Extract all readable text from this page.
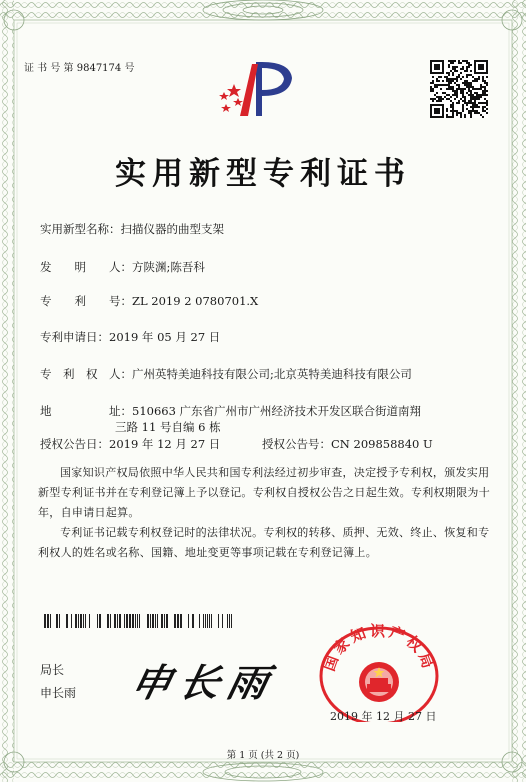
证 书 号 第 9847174 号
实用新型专利证书
实用新型名称：扫描仪器的曲型支架
发　　明　　人：方陕渊;陈吾科
专　　利　　号：ZL 2019 2 0780701.X
专利申请日：2019 年 05 月 27 日
专　利　权　人：广州英特美迪科技有限公司;北京英特美迪科技有限公司
地　　　　　址：510663 广东省广州市广州经济技术开发区联合街道南翔
三路 11 号自编 6 栋
授权公告日：2019 年 12 月 27 日	授权公告号：CN 209858840 U
国家知识产权局依照中华人民共和国专利法经过初步审查，决定授予专利权，颁发实用新型专利证书并在专利登记簿上予以登记。专利权自授权公告之日起生效。专利权期限为十年，自申请日起算。
专利证书记载专利权登记时的法律状况。专利权的转移、质押、无效、终止、恢复和专利权人的姓名或名称、国籍、地址变更等事项记载在专利登记簿上。
局长
申长雨 申长雨	国家知识产权局
2019 年 12 月 27 日
第 1 页 (共 2 页)
